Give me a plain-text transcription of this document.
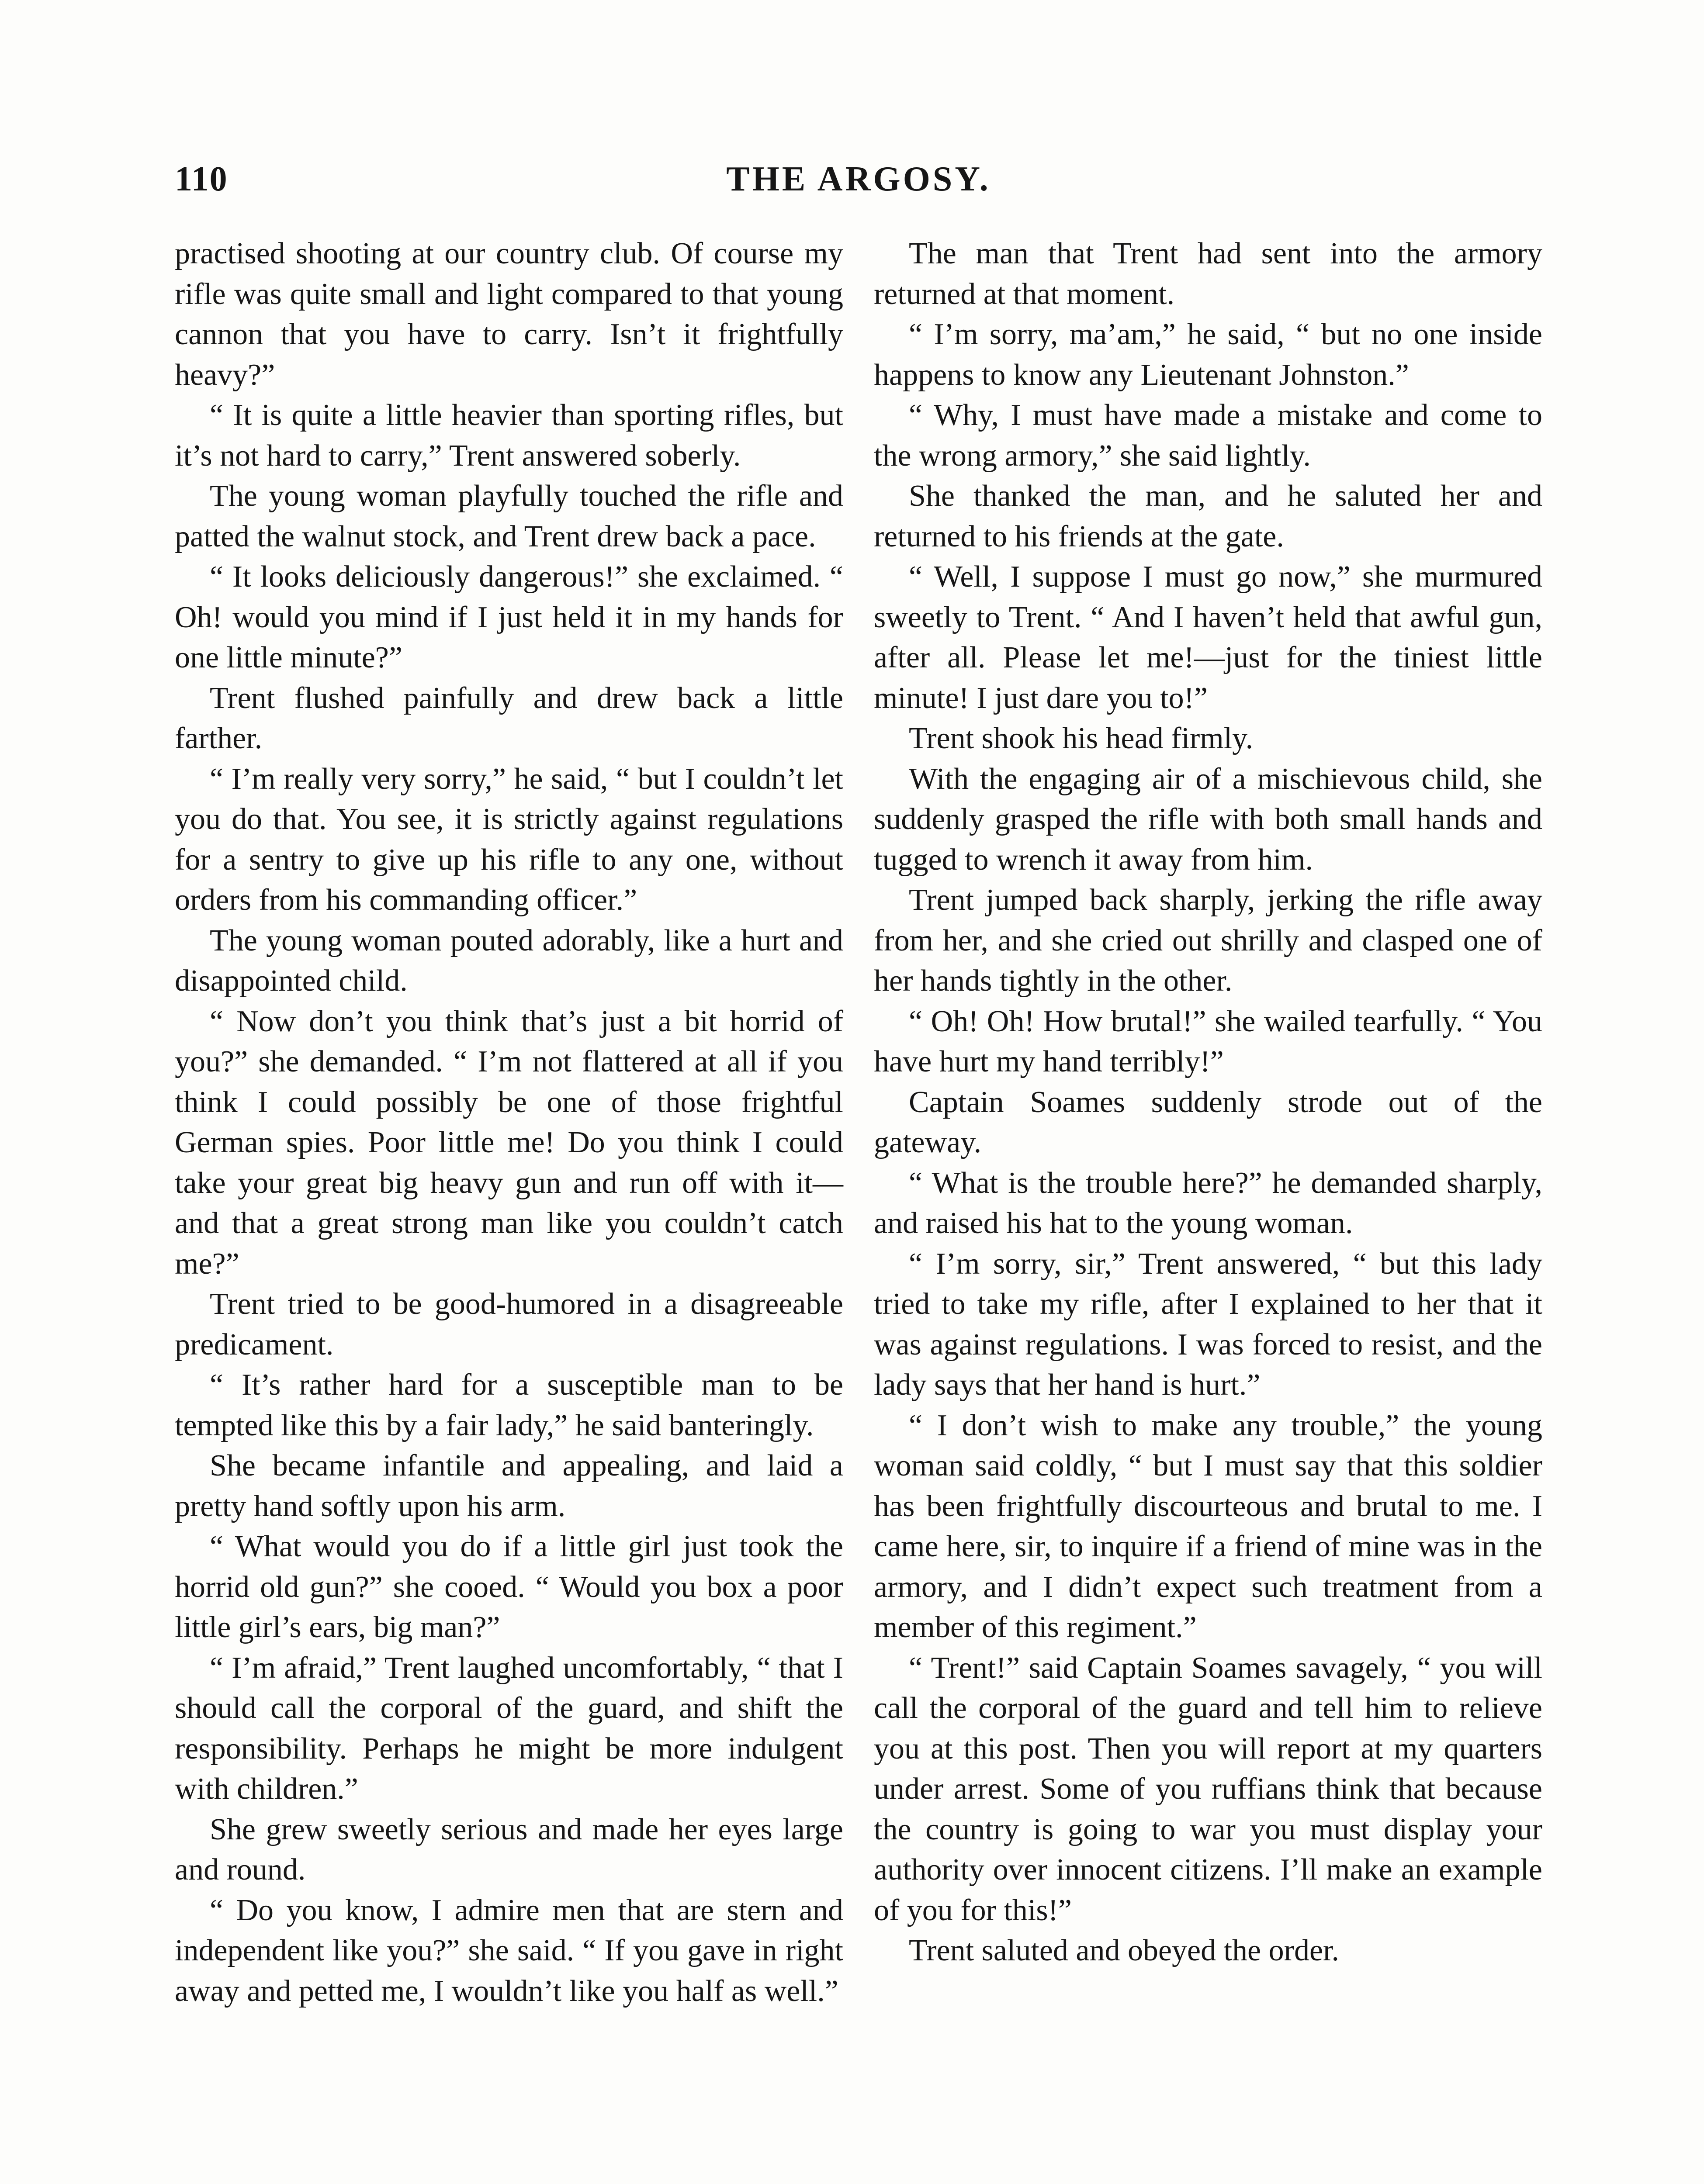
110	THE ARGOSY.

practised shooting at our country club. Of course my rifle was quite small and light compared to that young cannon that you have to carry. Isn’t it frightfully heavy?”

“ It is quite a little heavier than sporting rifles, but it’s not hard to carry,” Trent answered soberly.

The young woman playfully touched the rifle and patted the walnut stock, and Trent drew back a pace.

“ It looks deliciously dangerous!” she exclaimed. “ Oh! would you mind if I just held it in my hands for one little minute?”

Trent flushed painfully and drew back a little farther.

“ I’m really very sorry,” he said, “ but I couldn’t let you do that. You see, it is strictly against regulations for a sentry to give up his rifle to any one, without orders from his commanding officer.”

The young woman pouted adorably, like a hurt and disappointed child.

“ Now don’t you think that’s just a bit horrid of you?” she demanded. “ I’m not flattered at all if you think I could possibly be one of those frightful German spies. Poor little me! Do you think I could take your great big heavy gun and run off with it—and that a great strong man like you couldn’t catch me?”

Trent tried to be good-humored in a disagreeable predicament.

“ It’s rather hard for a susceptible man to be tempted like this by a fair lady,” he said banteringly.

She became infantile and appealing, and laid a pretty hand softly upon his arm.

“ What would you do if a little girl just took the horrid old gun?” she cooed. “ Would you box a poor little girl’s ears, big man?”

“ I’m afraid,” Trent laughed uncomfortably, “ that I should call the corporal of the guard, and shift the responsibility. Perhaps he might be more indulgent with children.”

She grew sweetly serious and made her eyes large and round.

“ Do you know, I admire men that are stern and independent like you?” she said. “ If you gave in right away and petted me, I wouldn’t like you half as well.”

The man that Trent had sent into the armory returned at that moment.

“ I’m sorry, ma’am,” he said, “ but no one inside happens to know any Lieutenant Johnston.”

“ Why, I must have made a mistake and come to the wrong armory,” she said lightly.

She thanked the man, and he saluted her and returned to his friends at the gate.

“ Well, I suppose I must go now,” she murmured sweetly to Trent. “ And I haven’t held that awful gun, after all. Please let me!—just for the tiniest little minute! I just dare you to!”

Trent shook his head firmly.

With the engaging air of a mischievous child, she suddenly grasped the rifle with both small hands and tugged to wrench it away from him.

Trent jumped back sharply, jerking the rifle away from her, and she cried out shrilly and clasped one of her hands tightly in the other.

“ Oh! Oh! How brutal!” she wailed tearfully. “ You have hurt my hand terribly!”

Captain Soames suddenly strode out of the gateway.

“ What is the trouble here?” he demanded sharply, and raised his hat to the young woman.

“ I’m sorry, sir,” Trent answered, “ but this lady tried to take my rifle, after I explained to her that it was against regulations. I was forced to resist, and the lady says that her hand is hurt.”

“ I don’t wish to make any trouble,” the young woman said coldly, “ but I must say that this soldier has been frightfully discourteous and brutal to me. I came here, sir, to inquire if a friend of mine was in the armory, and I didn’t expect such treatment from a member of this regiment.”

“ Trent!” said Captain Soames savagely, “ you will call the corporal of the guard and tell him to relieve you at this post. Then you will report at my quarters under arrest. Some of you ruffians think that because the country is going to war you must display your authority over innocent citizens. I’ll make an example of you for this!”

Trent saluted and obeyed the order.
